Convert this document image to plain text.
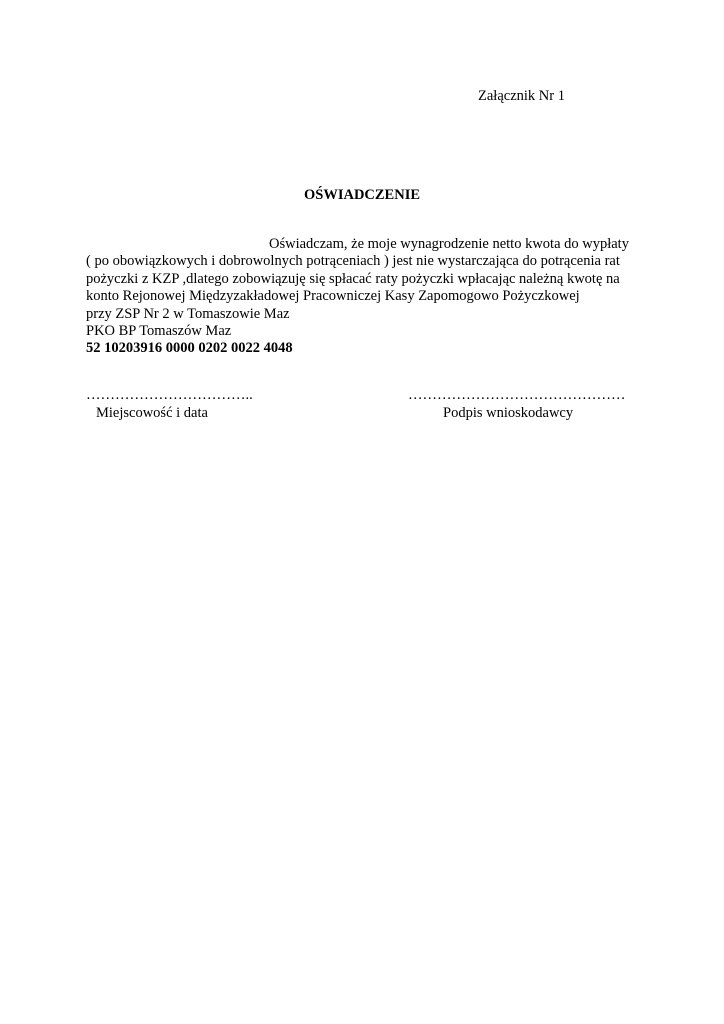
Załącznik Nr 1
OŚWIADCZENIE
Oświadczam, że moje wynagrodzenie netto kwota do wypłaty
( po obowiązkowych i dobrowolnych potrąceniach ) jest nie wystarczająca do potrącenia rat
pożyczki z KZP ,dlatego zobowiązuję się spłacać raty pożyczki wpłacając należną kwotę na
konto Rejonowej Międzyzakładowej Pracowniczej Kasy Zapomogowo Pożyczkowej
przy ZSP Nr 2 w Tomaszowie Maz
PKO BP Tomaszów Maz
52 10203916 0000 0202 0022 4048
……………………………..
Miejscowość i data
………………………………………
Podpis wnioskodawcy
